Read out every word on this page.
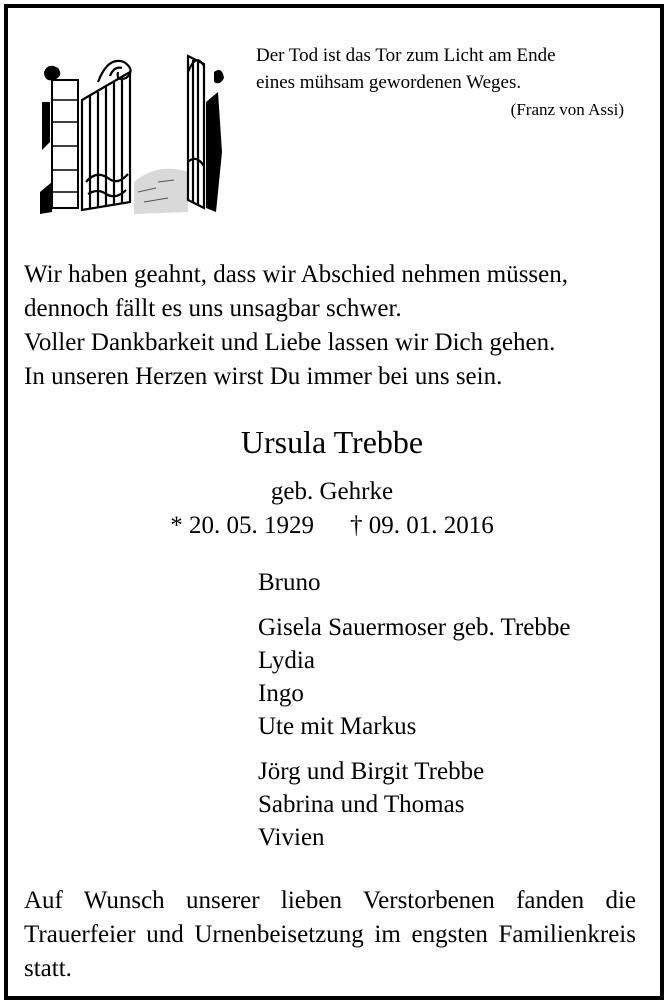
Der Tod ist das Tor zum Licht am Ende
eines mühsam gewordenen Weges.
(Franz von Assi)
Wir haben geahnt, dass wir Abschied nehmen müssen,
dennoch fällt es uns unsagbar schwer.
Voller Dankbarkeit und Liebe lassen wir Dich gehen.
In unseren Herzen wirst Du immer bei uns sein.
Ursula Trebbe
geb. Gehrke
* 20. 05. 1929 † 09. 01. 2016
Bruno
Gisela Sauermoser geb. Trebbe
Lydia
Ingo
Ute mit Markus
Jörg und Birgit Trebbe
Sabrina und Thomas
Vivien
Auf Wunsch unserer lieben Verstorbenen fanden die Trauerfeier und Urnenbeisetzung im engsten Familienkreis statt.
